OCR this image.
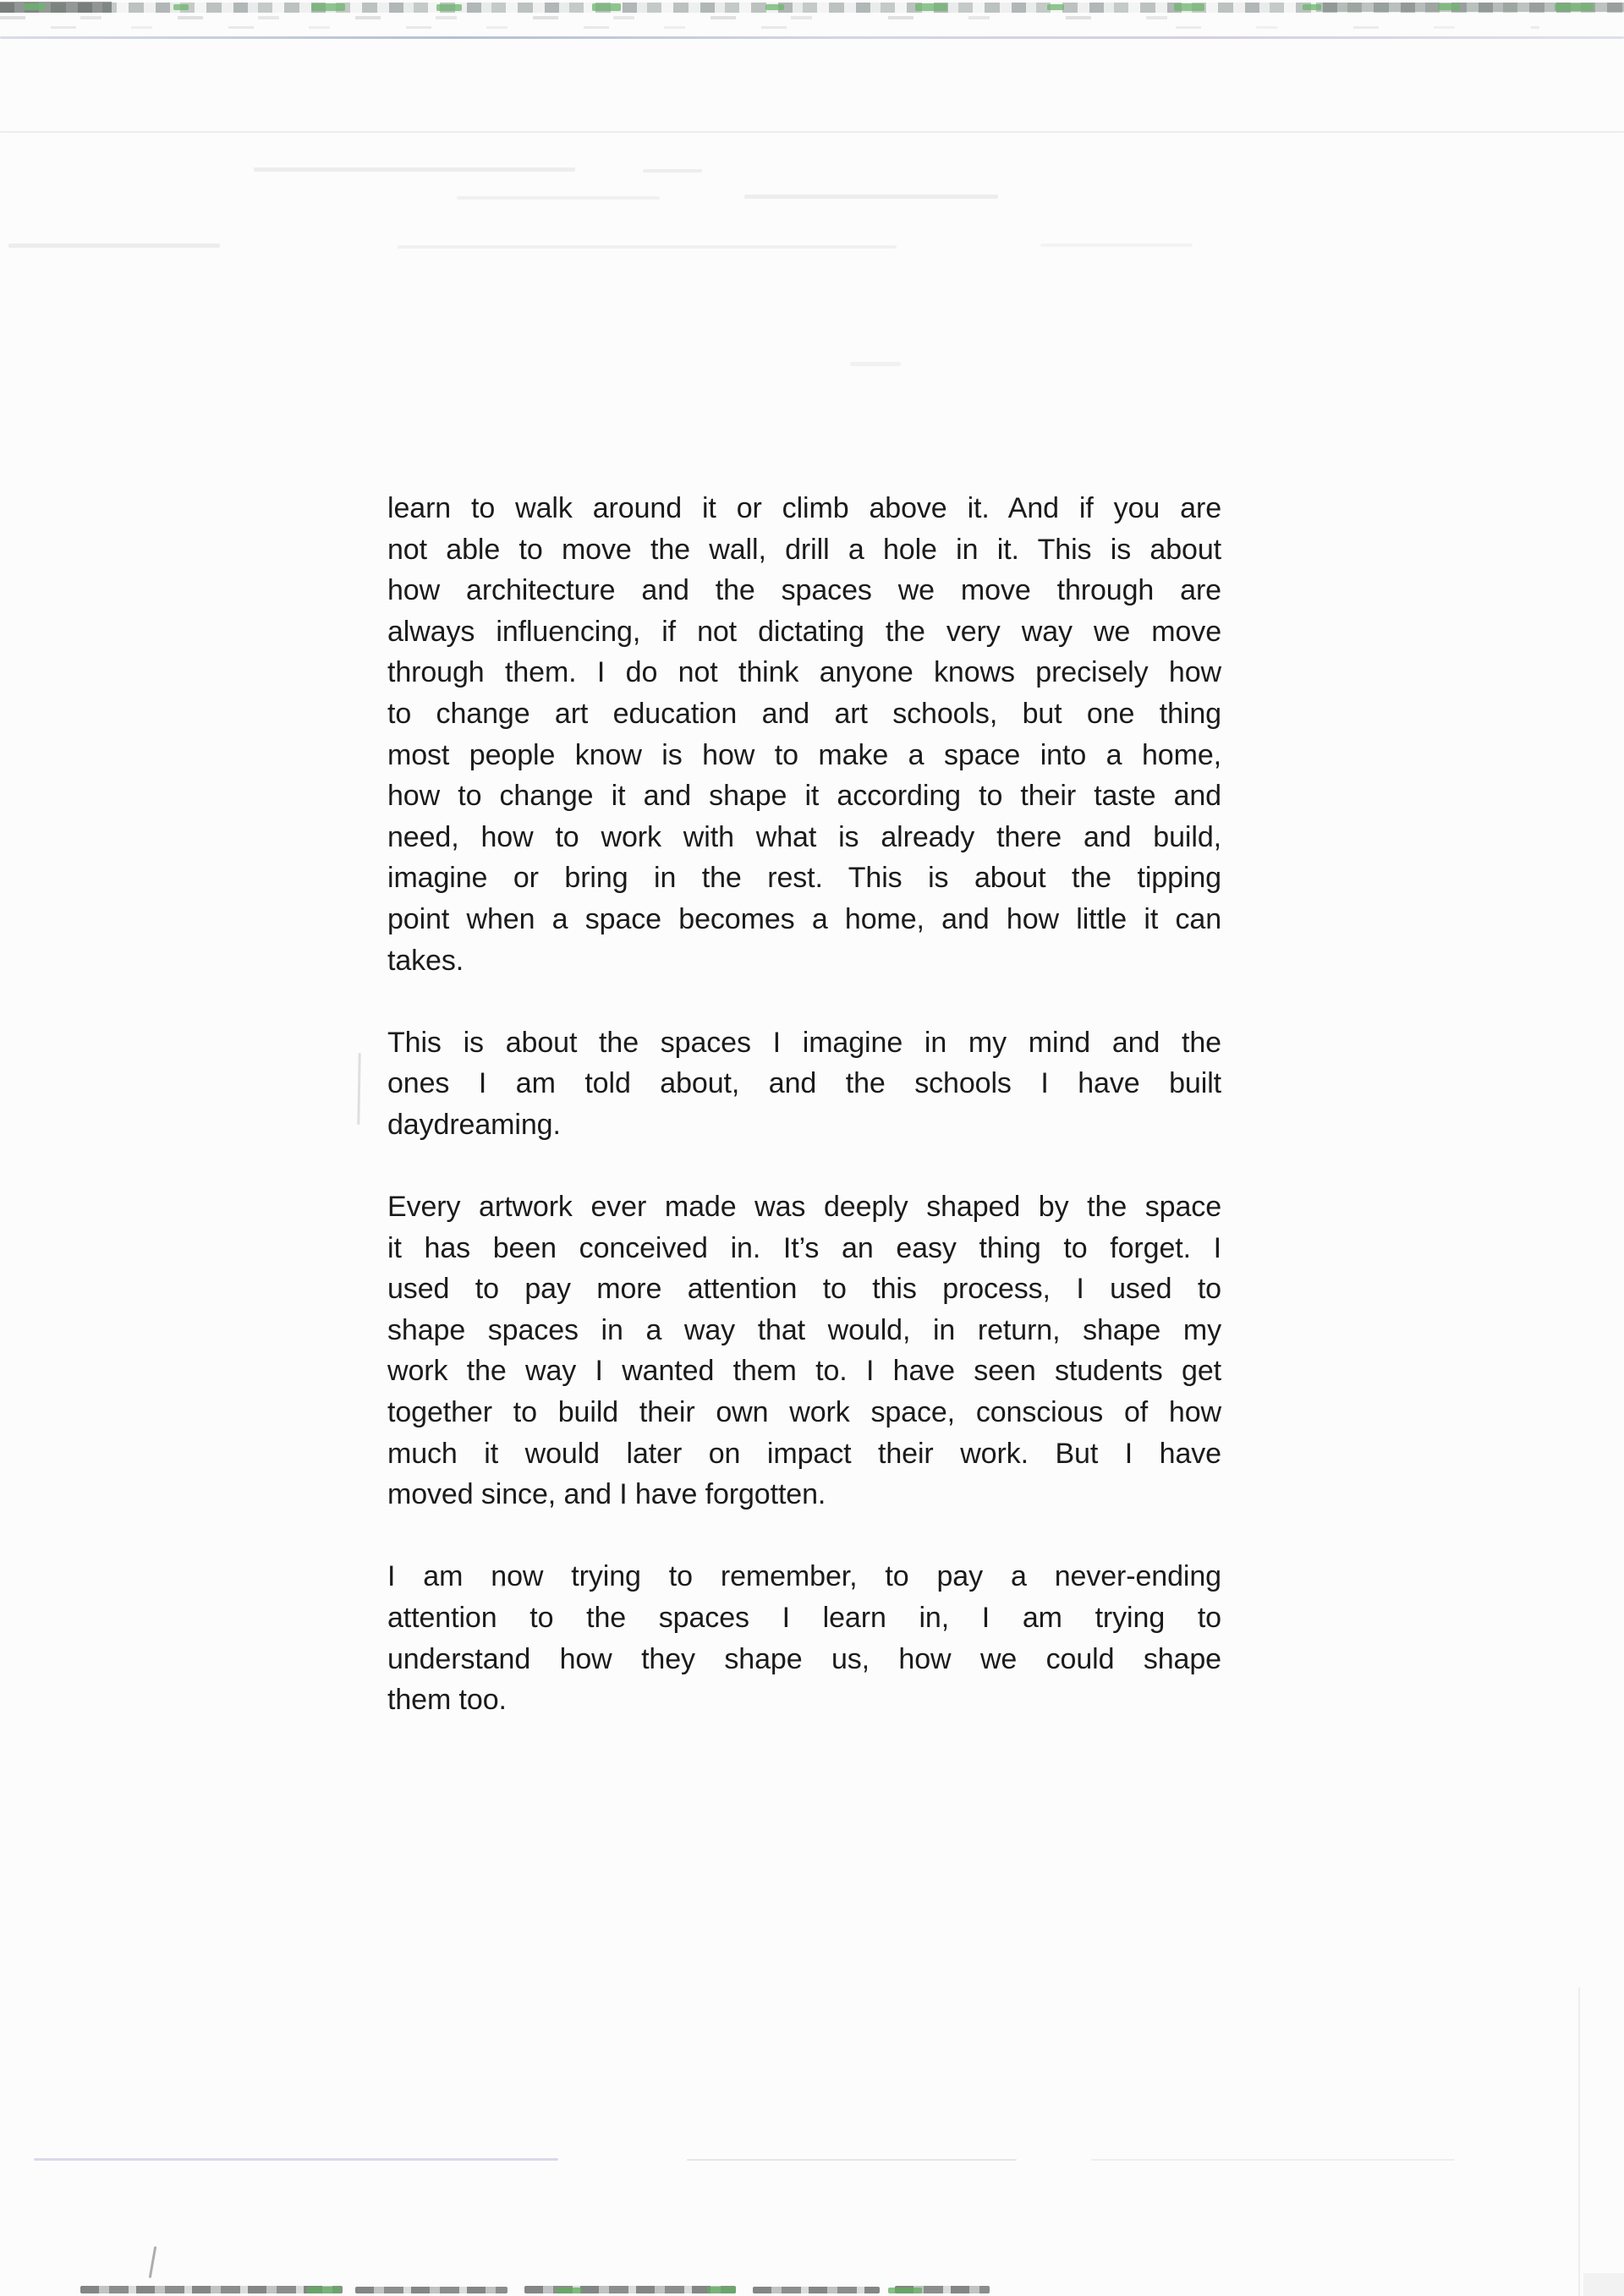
learn to walk around it or climb above it. And if you are
not able to move the wall, drill a hole in it. This is about
how architecture and the spaces we move through are
always influencing, if not dictating the very way we move
through them. I do not think anyone knows precisely how
to change art education and art schools, but one thing
most people know is how to make a space into a home,
how to change it and shape it according to their taste and
need, how to work with what is already there and build,
imagine or bring in the rest. This is about the tipping
point when a space becomes a home, and how little it can
takes.
This is about the spaces I imagine in my mind and the
ones I am told about, and the schools I have built
daydreaming.
Every artwork ever made was deeply shaped by the space
it has been conceived in. It’s an easy thing to forget. I
used to pay more attention to this process, I used to
shape spaces in a way that would, in return, shape my
work the way I wanted them to. I have seen students get
together to build their own work space, conscious of how
much it would later on impact their work. But I have
moved since, and I have forgotten.
I am now trying to remember, to pay a never-ending
attention to the spaces I learn in, I am trying to
understand how they shape us, how we could shape
them too.
